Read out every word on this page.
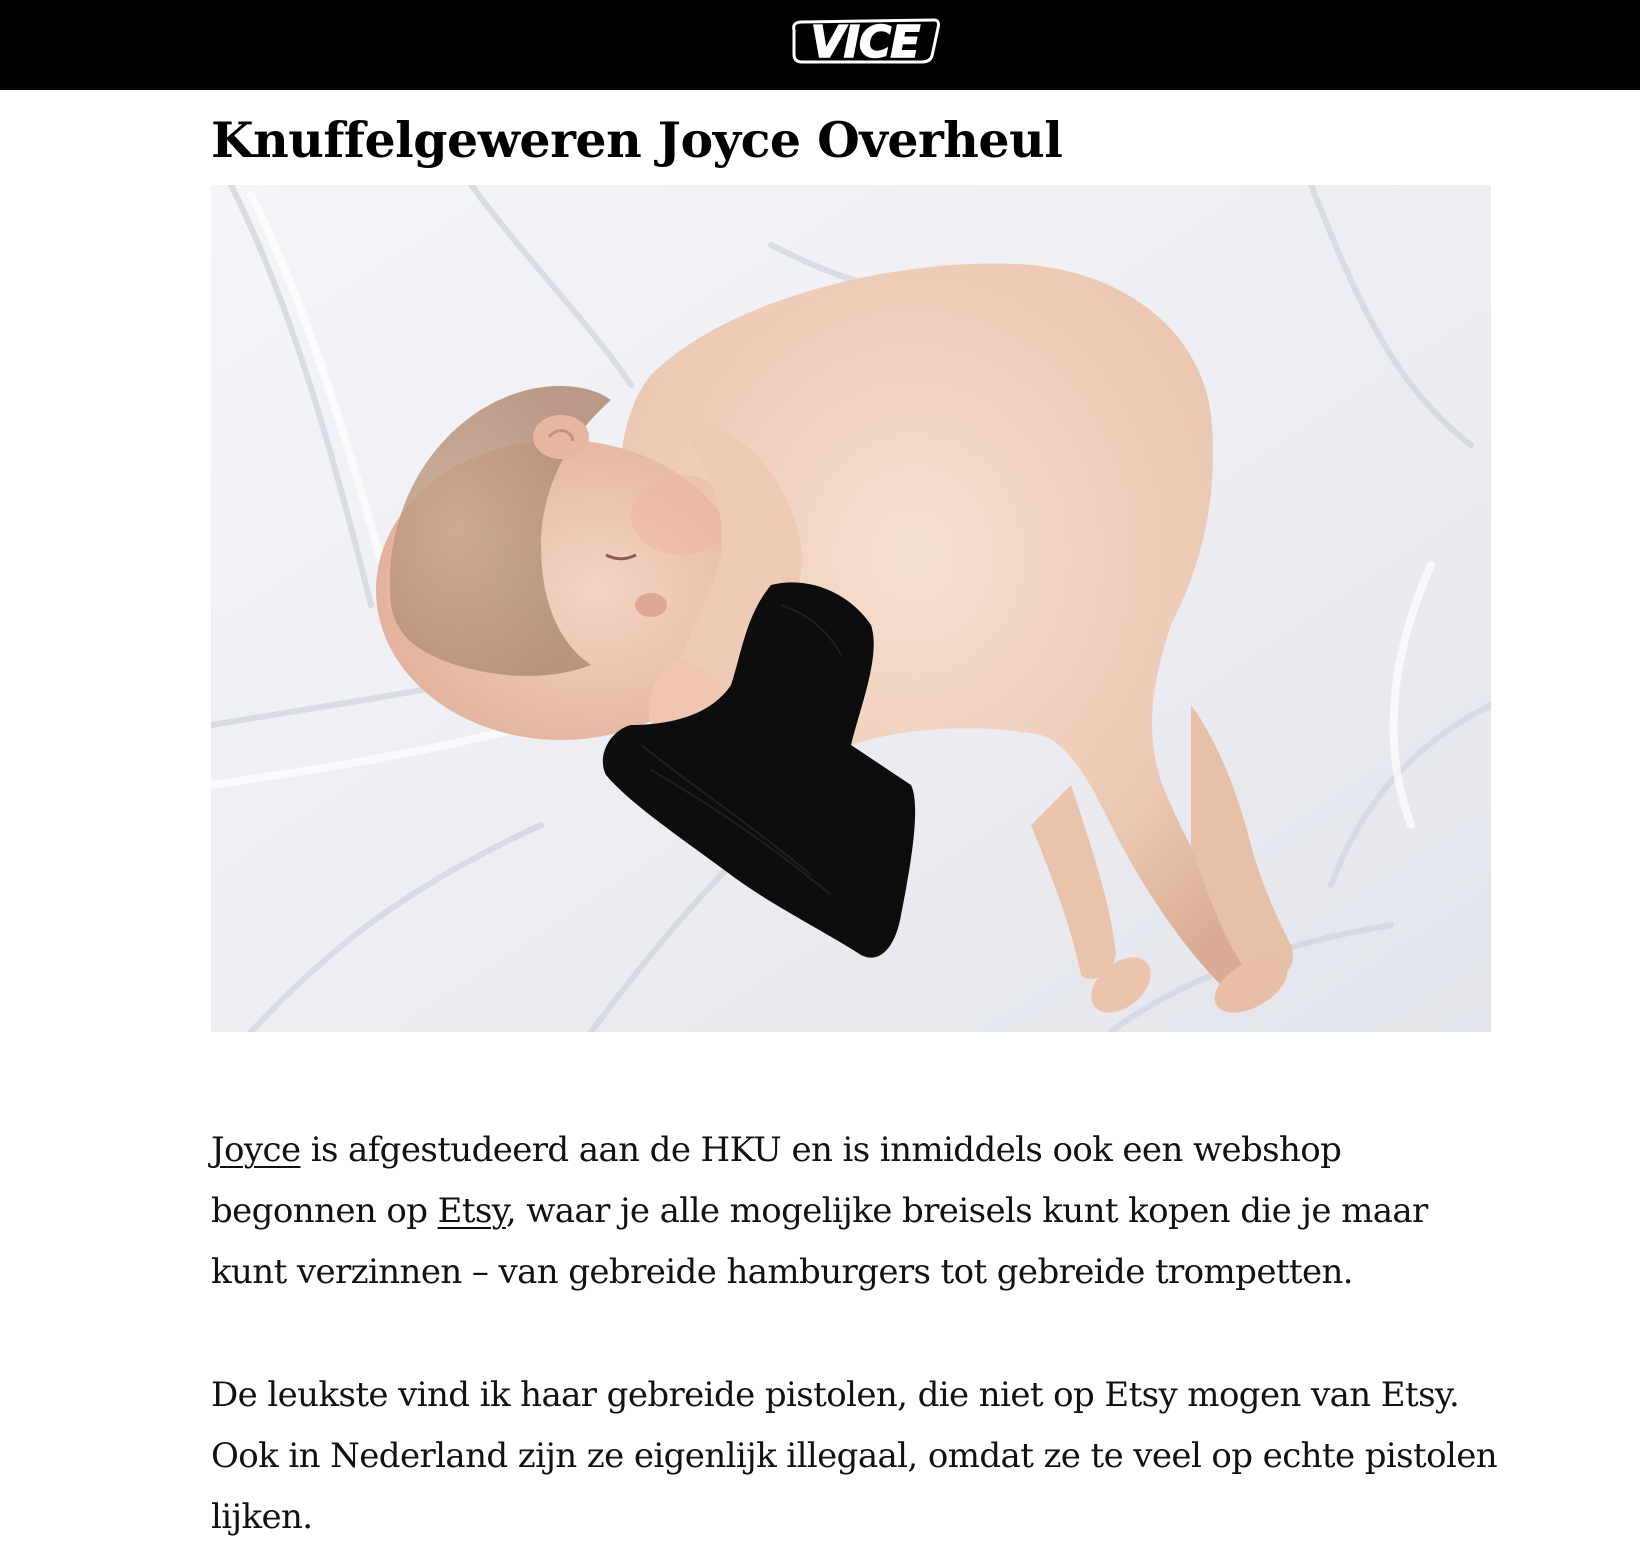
VICE
Knuffelgeweren Joyce Overheul

Joyce is afgestudeerd aan de HKU en is inmiddels ook een webshop begonnen op Etsy, waar je alle mogelijke breisels kunt kopen die je maar kunt verzinnen – van gebreide hamburgers tot gebreide trompetten.

De leukste vind ik haar gebreide pistolen, die niet op Etsy mogen van Etsy. Ook in Nederland zijn ze eigenlijk illegaal, omdat ze te veel op echte pistolen lijken.
